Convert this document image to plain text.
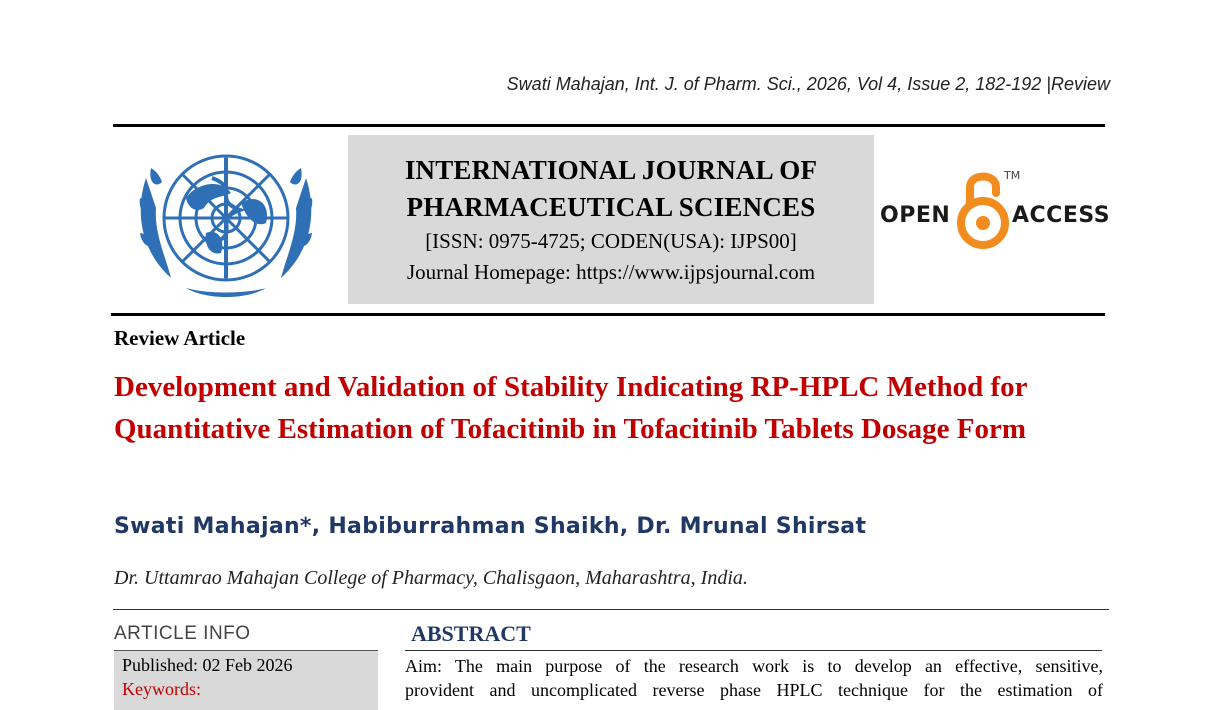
Swati Mahajan, Int. J. of Pharm. Sci., 2026, Vol 4, Issue 2, 182-192 |Review
INTERNATIONAL JOURNAL OF
PHARMACEUTICAL SCIENCES
[ISSN: 0975-4725; CODEN(USA): IJPS00]
Journal Homepage: https://www.ijpsjournal.com
OPEN
TM
ACCESS
Review Article
Development and Validation of Stability Indicating RP-HPLC Method for Quantitative Estimation of Tofacitinib in Tofacitinib Tablets Dosage Form
Swati Mahajan*, Habiburrahman Shaikh, Dr. Mrunal Shirsat
Dr. Uttamrao Mahajan College of Pharmacy, Chalisgaon, Maharashtra, India.
ARTICLE INFO
Published: 02 Feb 2026
Keywords:
ABSTRACT
Aim: The main purpose of the research work is to develop an effective, sensitive,
provident and uncomplicated reverse phase HPLC technique for the estimation of
